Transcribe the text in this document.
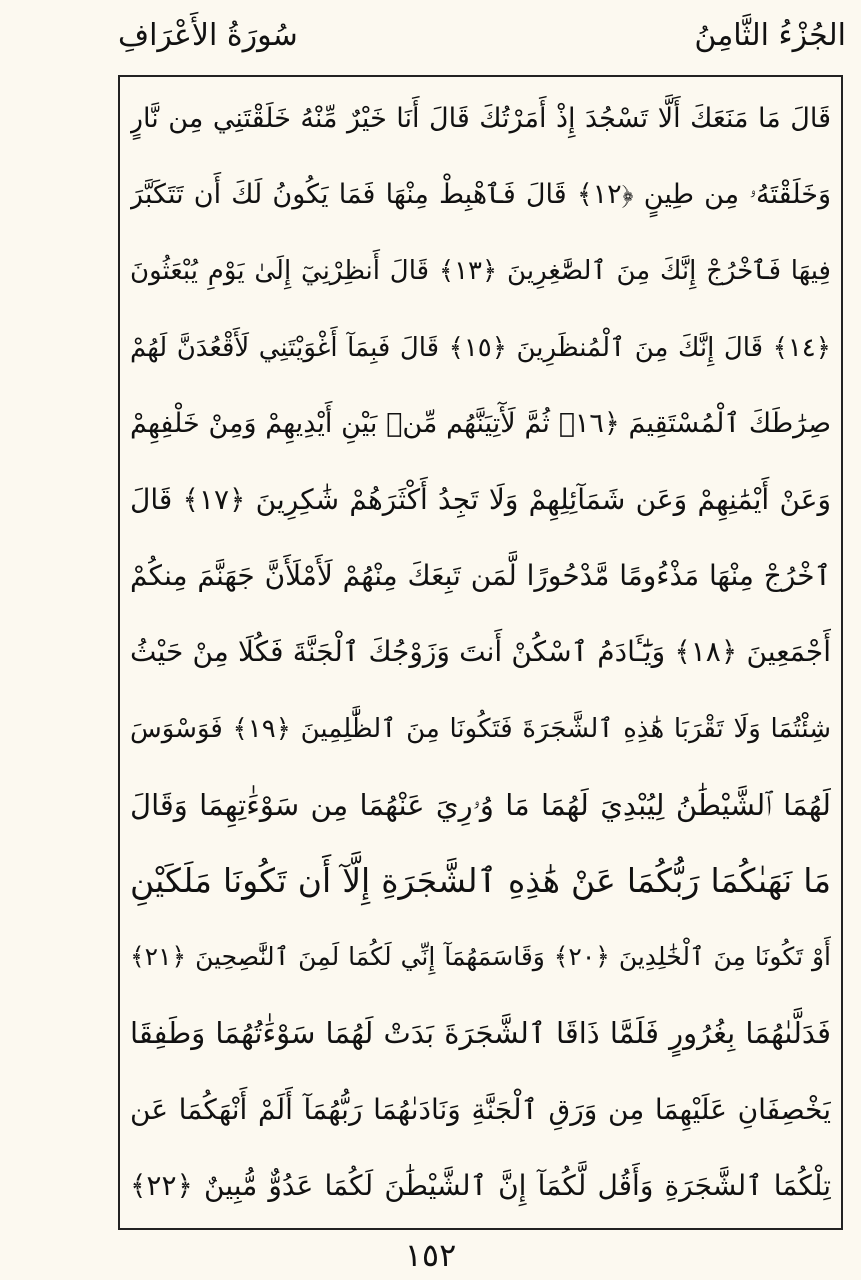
الجُزْءُ الثَّامِنُ
سُورَةُ الأَعْرَافِ
قَالَ مَا مَنَعَكَ أَلَّا تَسْجُدَ إِذْ أَمَرْتُكَ قَالَ أَنَا خَيْرٌ مِّنْهُ خَلَقْتَنِي مِن نَّارٍ
وَخَلَقْتَهُۥ مِن طِينٍ ﴿١٢﴾ قَالَ فَٱهْبِطْ مِنْهَا فَمَا يَكُونُ لَكَ أَن تَتَكَبَّرَ
فِيهَا فَٱخْرُجْ إِنَّكَ مِنَ ٱلصَّٰغِرِينَ ﴿١٣﴾ قَالَ أَنظِرْنِيٓ إِلَىٰ يَوْمِ يُبْعَثُونَ
﴿١٤﴾ قَالَ إِنَّكَ مِنَ ٱلْمُنظَرِينَ ﴿١٥﴾ قَالَ فَبِمَآ أَغْوَيْتَنِي لَأَقْعُدَنَّ لَهُمْ
صِرَٰطَكَ ٱلْمُسْتَقِيمَ ﴿١٦﴾ ثُمَّ لَأٓتِيَنَّهُم مِّنۢ بَيْنِ أَيْدِيهِمْ وَمِنْ خَلْفِهِمْ
وَعَنْ أَيْمَٰنِهِمْ وَعَن شَمَآئِلِهِمْ وَلَا تَجِدُ أَكْثَرَهُمْ شَٰكِرِينَ ﴿١٧﴾ قَالَ
ٱخْرُجْ مِنْهَا مَذْءُومًا مَّدْحُورًا لَّمَن تَبِعَكَ مِنْهُمْ لَأَمْلَأَنَّ جَهَنَّمَ مِنكُمْ
أَجْمَعِينَ ﴿١٨﴾ وَيَٰٓـَٔادَمُ ٱسْكُنْ أَنتَ وَزَوْجُكَ ٱلْجَنَّةَ فَكُلَا مِنْ حَيْثُ
شِئْتُمَا وَلَا تَقْرَبَا هَٰذِهِ ٱلشَّجَرَةَ فَتَكُونَا مِنَ ٱلظَّٰلِمِينَ ﴿١٩﴾ فَوَسْوَسَ
لَهُمَا ٱلشَّيْطَٰنُ لِيُبْدِيَ لَهُمَا مَا وُۥرِيَ عَنْهُمَا مِن سَوْءَٰتِهِمَا وَقَالَ
مَا نَهَىٰكُمَا رَبُّكُمَا عَنْ هَٰذِهِ ٱلشَّجَرَةِ إِلَّآ أَن تَكُونَا مَلَكَيْنِ
أَوْ تَكُونَا مِنَ ٱلْخَٰلِدِينَ ﴿٢٠﴾ وَقَاسَمَهُمَآ إِنِّي لَكُمَا لَمِنَ ٱلنَّٰصِحِينَ ﴿٢١﴾
فَدَلَّىٰهُمَا بِغُرُورٍ فَلَمَّا ذَاقَا ٱلشَّجَرَةَ بَدَتْ لَهُمَا سَوْءَٰتُهُمَا وَطَفِقَا
يَخْصِفَانِ عَلَيْهِمَا مِن وَرَقِ ٱلْجَنَّةِ وَنَادَىٰهُمَا رَبُّهُمَآ أَلَمْ أَنْهَكُمَا عَن
تِلْكُمَا ٱلشَّجَرَةِ وَأَقُل لَّكُمَآ إِنَّ ٱلشَّيْطَٰنَ لَكُمَا عَدُوٌّ مُّبِينٌ ﴿٢٢﴾
١٥٢
